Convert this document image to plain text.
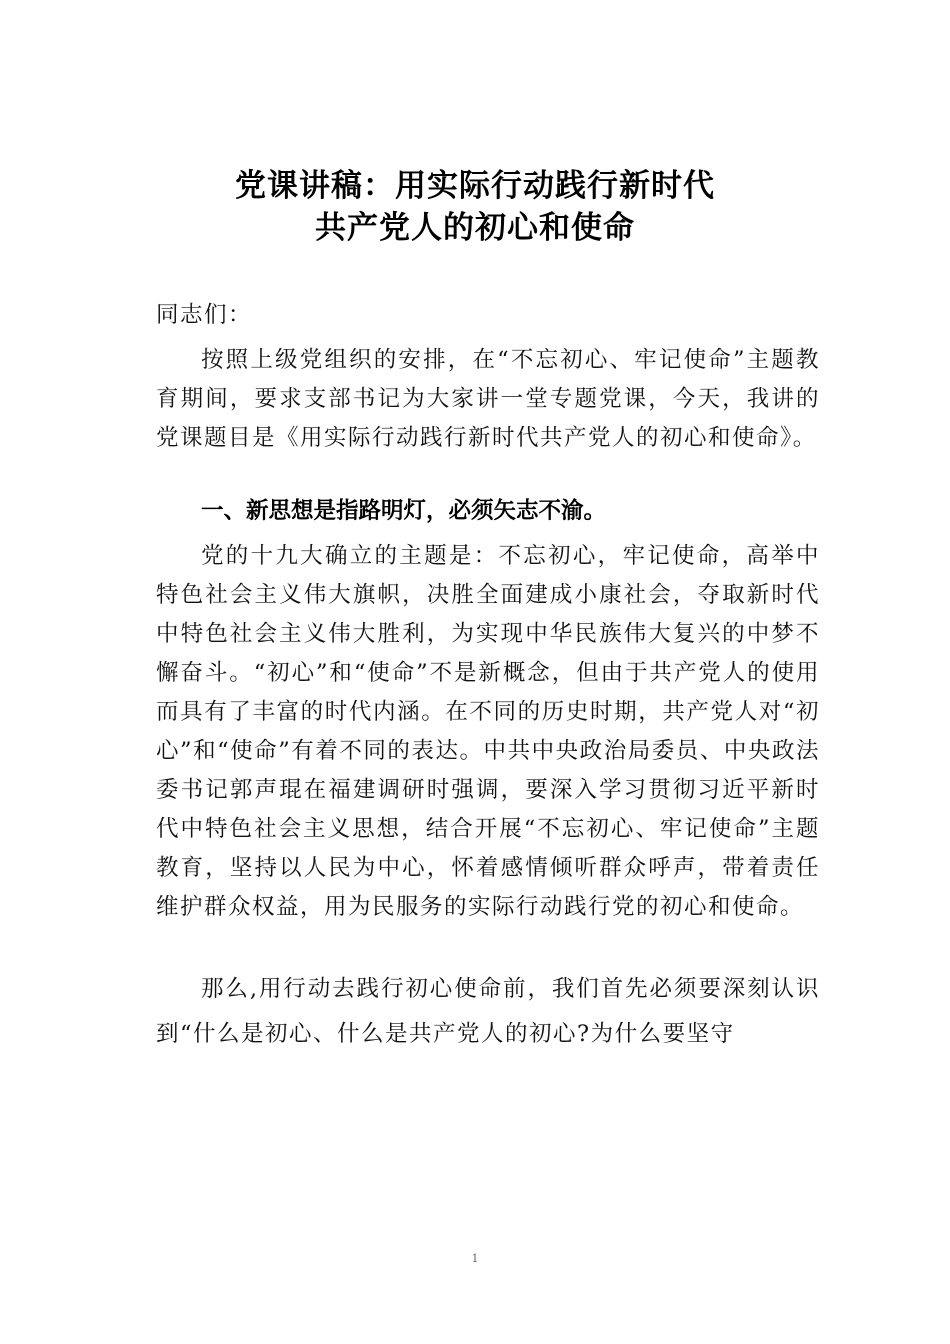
党课讲稿：用实际行动践行新时代
共产党人的初心和使命

同志们：

按照上级党组织的安排，在“不忘初心、牢记使命”主题教育期间，要求支部书记为大家讲一堂专题党课，今天，我讲的党课题目是《用实际行动践行新时代共产党人的初心和使命》。

一、新思想是指路明灯，必须矢志不渝。

党的十九大确立的主题是：不忘初心，牢记使命，高举中特色社会主义伟大旗帜，决胜全面建成小康社会，夺取新时代中特色社会主义伟大胜利，为实现中华民族伟大复兴的中梦不懈奋斗。“初心”和“使命”不是新概念，但由于共产党人的使用而具有了丰富的时代内涵。在不同的历史时期，共产党人对“初心”和“使命”有着不同的表达。中共中央政治局委员、中央政法委书记郭声琨在福建调研时强调，要深入学习贯彻习近平新时代中特色社会主义思想，结合开展“不忘初心、牢记使命”主题教育，坚持以人民为中心，怀着感情倾听群众呼声，带着责任维护群众权益，用为民服务的实际行动践行党的初心和使命。

那么,用行动去践行初心使命前，我们首先必须要深刻认识到“什么是初心、什么是共产党人的初心?为什么要坚守

1
